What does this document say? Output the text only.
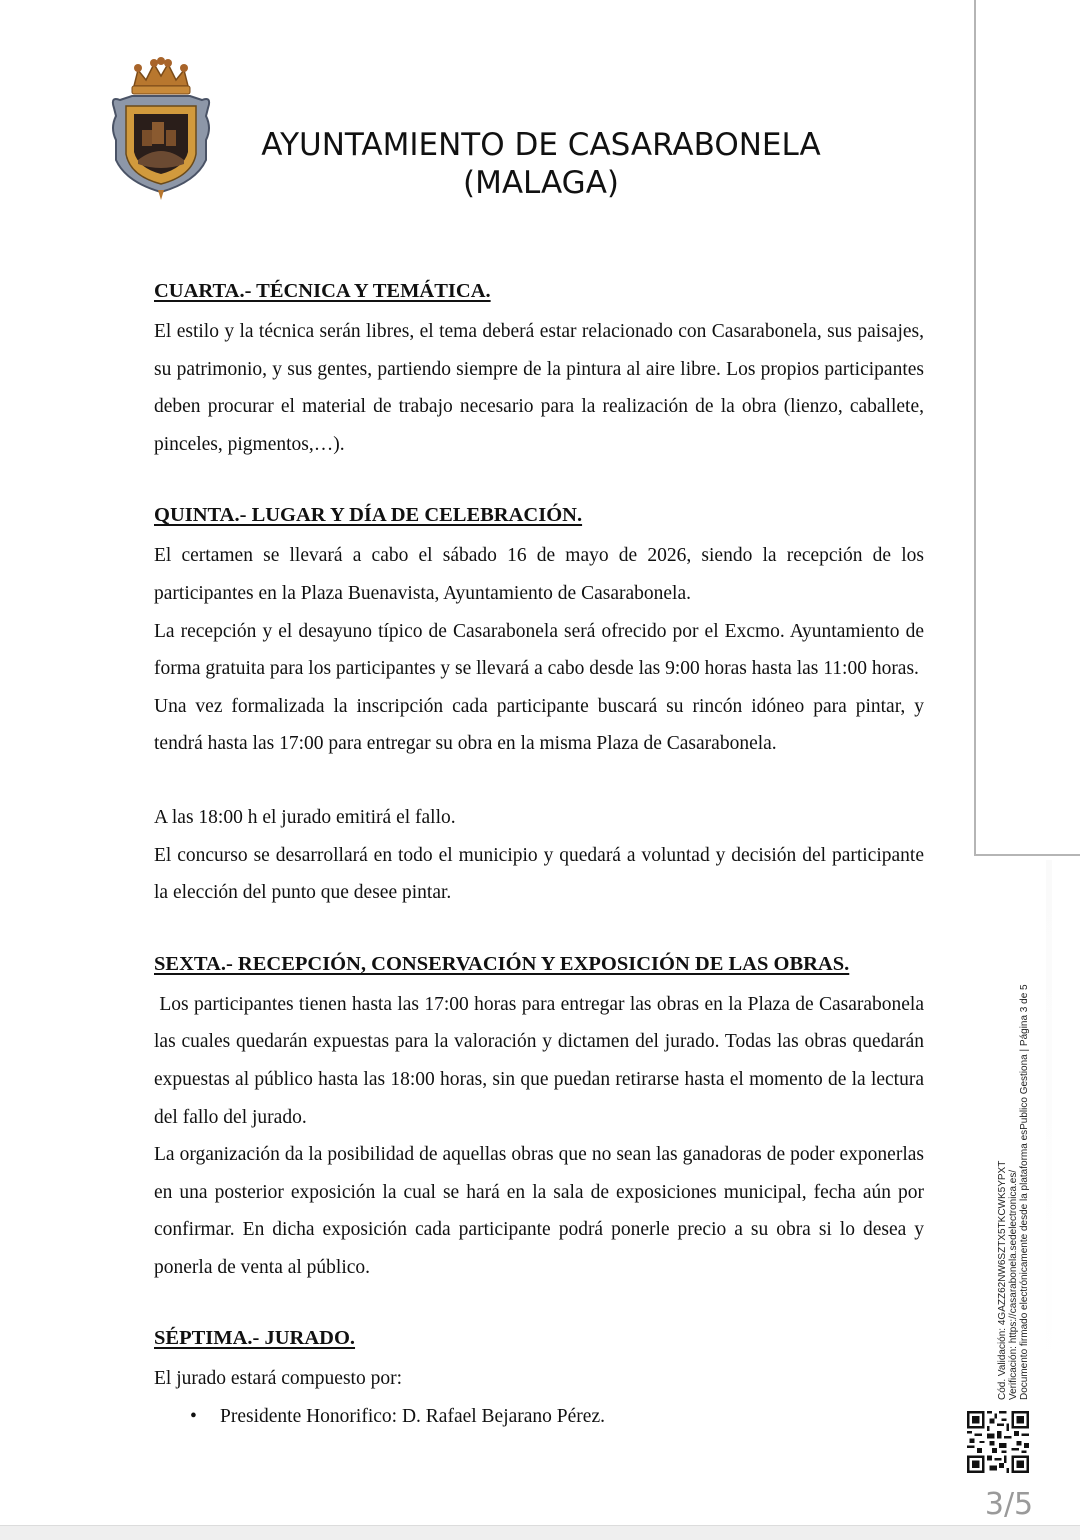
AYUNTAMIENTO DE CASARABONELA
(MALAGA)
CUARTA.- TÉCNICA Y TEMÁTICA.

El estilo y la técnica serán libres, el tema deberá estar relacionado con Casarabonela, sus paisajes, su patrimonio, y sus gentes, partiendo siempre de la pintura al aire libre. Los propios participantes deben procurar el material de trabajo necesario para la realización de la obra (lienzo, caballete, pinceles, pigmentos,…).

QUINTA.- LUGAR Y DÍA DE CELEBRACIÓN.

El certamen se llevará a cabo el sábado 16 de mayo de 2026, siendo la recepción de los participantes en la Plaza Buenavista, Ayuntamiento de Casarabonela.

La recepción y el desayuno típico de Casarabonela será ofrecido por el Excmo. Ayuntamiento de forma gratuita para los participantes y se llevará a cabo desde las 9:00 horas hasta las 11:00 horas.

Una vez formalizada la inscripción cada participante buscará su rincón idóneo para pintar, y tendrá hasta las 17:00 para entregar su obra en la misma Plaza de Casarabonela.

A las 18:00 h el jurado emitirá el fallo.

El concurso se desarrollará en todo el municipio y quedará a voluntad y decisión del participante la elección del punto que desee pintar.

SEXTA.- RECEPCIÓN, CONSERVACIÓN Y EXPOSICIÓN DE LAS OBRAS.

Los participantes tienen hasta las 17:00 horas para entregar las obras en la Plaza de Casarabonela las cuales quedarán expuestas para la valoración y dictamen del jurado. Todas las obras quedarán expuestas al público hasta las 18:00 horas, sin que puedan retirarse hasta el momento de la lectura del fallo del jurado.

La organización da la posibilidad de aquellas obras que no sean las ganadoras de poder exponerlas en una posterior exposición la cual se hará en la sala de exposiciones municipal, fecha aún por confirmar. En dicha exposición cada participante podrá ponerle precio a su obra si lo desea y ponerla de venta al público.

SÉPTIMA.- JURADO.

El jurado estará compuesto por:

• Presidente Honorifico: D. Rafael Bejarano Pérez.
Cód. Validación: 4GAZZ62NW6SZTX5TKCWK5YPXT Verificación: https://casarabonela.sedelectronica.es/ Documento firmado electrónicamente desde la plataforma esPublico Gestiona | Página 3 de 5
3/5
